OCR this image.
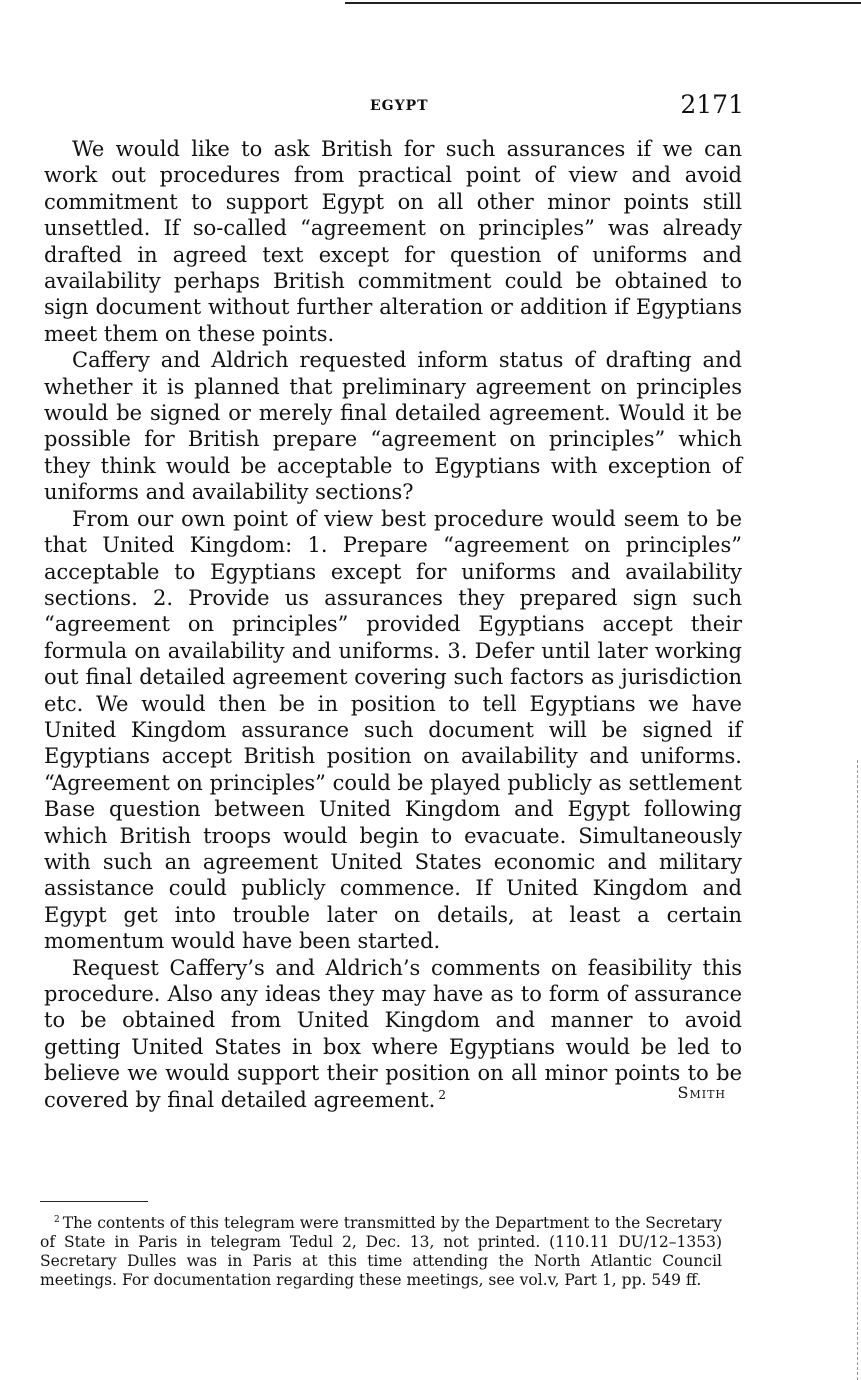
EGYPT	2171

We would like to ask British for such assurances if we can work out procedures from practical point of view and avoid commitment to support Egypt on all other minor points still unsettled. If so-called “agreement on principles” was already drafted in agreed text except for question of uniforms and availability perhaps British commitment could be obtained to sign document without further alteration or addition if Egyptians meet them on these points.

Caffery and Aldrich requested inform status of drafting and whether it is planned that preliminary agreement on principles would be signed or merely final detailed agreement. Would it be possible for British prepare “agreement on principles” which they think would be acceptable to Egyptians with exception of uniforms and availability sections?

From our own point of view best procedure would seem to be that United Kingdom: 1. Prepare “agreement on principles” acceptable to Egyptians except for uniforms and availability sections. 2. Provide us assurances they prepared sign such “agreement on principles” provided Egyptians accept their formula on availability and uniforms. 3. Defer until later working out final detailed agreement covering such factors as jurisdiction etc. We would then be in position to tell Egyptians we have United Kingdom assurance such document will be signed if Egyptians accept British position on availability and uniforms. “Agreement on principles” could be played publicly as settlement Base question between United Kingdom and Egypt following which British troops would begin to evacuate. Simultaneously with such an agreement United States economic and military assistance could publicly commence. If United Kingdom and Egypt get into trouble later on details, at least a certain momentum would have been started.

Request Caffery’s and Aldrich’s comments on feasibility this procedure. Also any ideas they may have as to form of assurance to be obtained from United Kingdom and manner to avoid getting United States in box where Egyptians would be led to believe we would support their position on all minor points to be covered by final detailed agreement. $^2$	Smith

$^2$ The contents of this telegram were transmitted by the Department to the Secretary of State in Paris in telegram Tedul 2, Dec. 13, not printed. (110.11 DU/12–1353) Secretary Dulles was in Paris at this time attending the North Atlantic Council meetings. For documentation regarding these meetings, see vol.v, Part 1, pp. 549 ff.
